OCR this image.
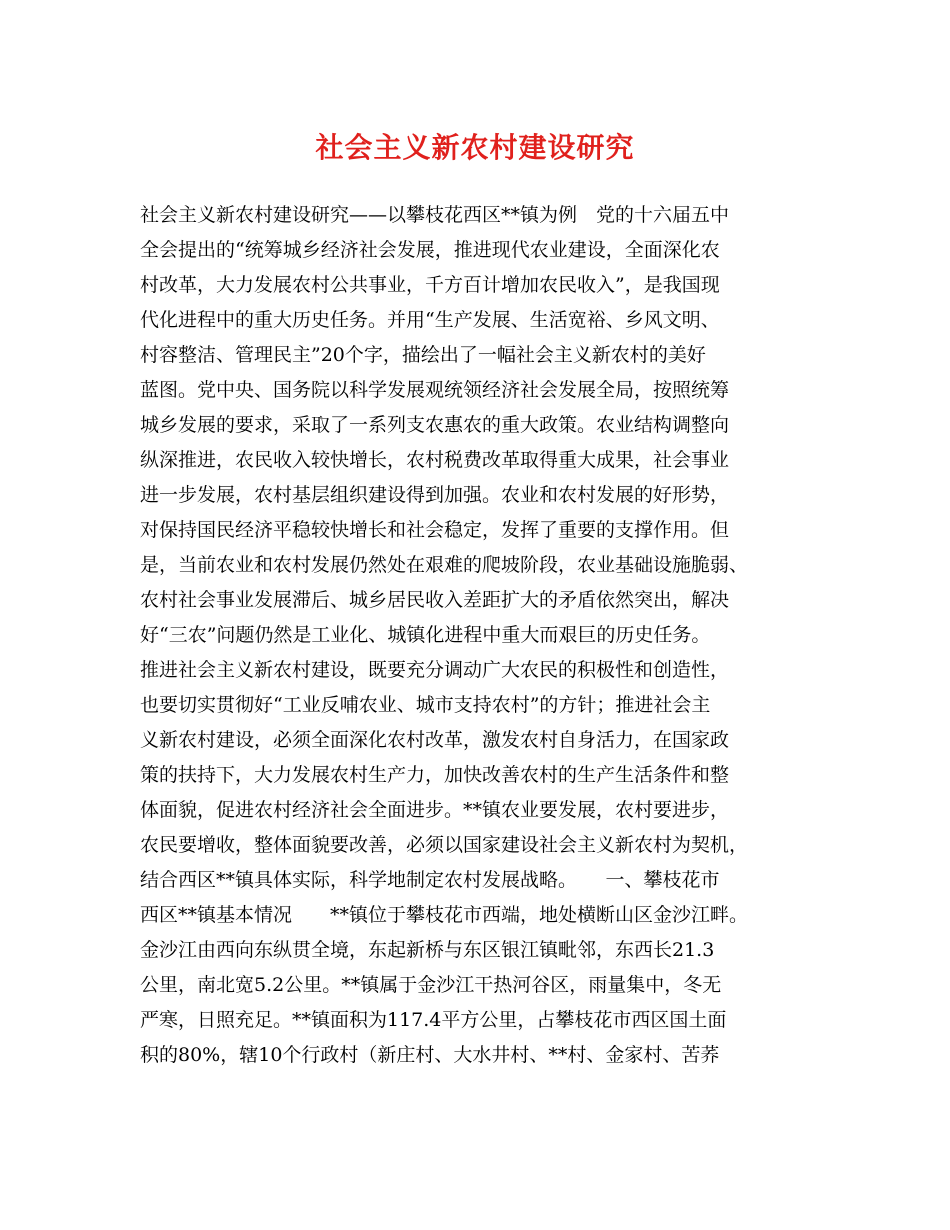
社会主义新农村建设研究
社会主义新农村建设研究——以攀枝花西区**镇为例　党的十六届五中
全会提出的“统筹城乡经济社会发展，推进现代农业建设，全面深化农
村改革，大力发展农村公共事业，千方百计增加农民收入”，是我国现
代化进程中的重大历史任务。并用“生产发展、生活宽裕、乡风文明、
村容整洁、管理民主”20个字，描绘出了一幅社会主义新农村的美好
蓝图。党中央、国务院以科学发展观统领经济社会发展全局，按照统筹
城乡发展的要求，采取了一系列支农惠农的重大政策。农业结构调整向
纵深推进，农民收入较快增长，农村税费改革取得重大成果，社会事业
进一步发展，农村基层组织建设得到加强。农业和农村发展的好形势，
对保持国民经济平稳较快增长和社会稳定，发挥了重要的支撑作用。但
是，当前农业和农村发展仍然处在艰难的爬坡阶段，农业基础设施脆弱、
农村社会事业发展滞后、城乡居民收入差距扩大的矛盾依然突出，解决
好“三农”问题仍然是工业化、城镇化进程中重大而艰巨的历史任务。
推进社会主义新农村建设，既要充分调动广大农民的积极性和创造性，
也要切实贯彻好“工业反哺农业、城市支持农村”的方针；推进社会主
义新农村建设，必须全面深化农村改革，激发农村自身活力，在国家政
策的扶持下，大力发展农村生产力，加快改善农村的生产生活条件和整
体面貌，促进农村经济社会全面进步。**镇农业要发展，农村要进步，
农民要增收，整体面貌要改善，必须以国家建设社会主义新农村为契机，
结合西区**镇具体实际，科学地制定农村发展战略。　　一、攀枝花市
西区**镇基本情况　　**镇位于攀枝花市西端，地处横断山区金沙江畔。
金沙江由西向东纵贯全境，东起新桥与东区银江镇毗邻，东西长21.3
公里，南北宽5.2公里。**镇属于金沙江干热河谷区，雨量集中，冬无
严寒，日照充足。**镇面积为117.4平方公里，占攀枝花市西区国土面
积的80%，辖10个行政村（新庄村、大水井村、**村、金家村、苦荞
